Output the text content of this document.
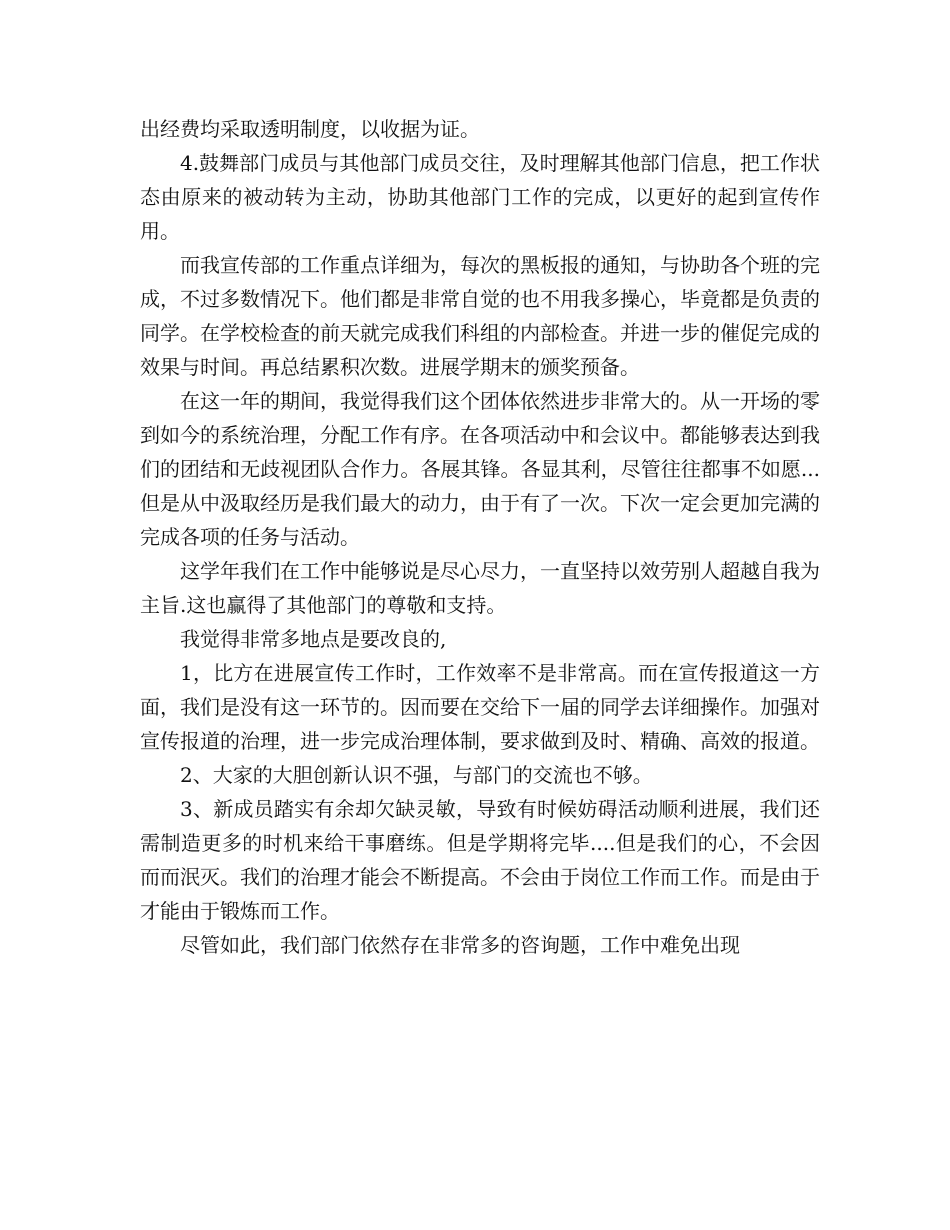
出经费均采取透明制度，以收据为证。

4.鼓舞部门成员与其他部门成员交往，及时理解其他部门信息，把工作状态由原来的被动转为主动，协助其他部门工作的完成，以更好的起到宣传作用。

而我宣传部的工作重点详细为，每次的黑板报的通知，与协助各个班的完成，不过多数情况下。他们都是非常自觉的也不用我多操心，毕竟都是负责的同学。在学校检查的前天就完成我们科组的内部检查。并进一步的催促完成的效果与时间。再总结累积次数。进展学期末的颁奖预备。

在这一年的期间，我觉得我们这个团体依然进步非常大的。从一开场的零到如今的系统治理，分配工作有序。在各项活动中和会议中。都能够表达到我们的团结和无歧视团队合作力。各展其锋。各显其利，尽管往往都事不如愿...但是从中汲取经历是我们最大的动力，由于有了一次。下次一定会更加完满的完成各项的任务与活动。

这学年我们在工作中能够说是尽心尽力，一直坚持以效劳别人超越自我为主旨.这也赢得了其他部门的尊敬和支持。

我觉得非常多地点是要改良的,

1，比方在进展宣传工作时，工作效率不是非常高。而在宣传报道这一方面，我们是没有这一环节的。因而要在交给下一届的同学去详细操作。加强对宣传报道的治理，进一步完成治理体制，要求做到及时、精确、高效的报道。

2、大家的大胆创新认识不强，与部门的交流也不够。

3、新成员踏实有余却欠缺灵敏，导致有时候妨碍活动顺利进展，我们还需制造更多的时机来给干事磨练。但是学期将完毕....但是我们的心，不会因而而泯灭。我们的治理才能会不断提高。不会由于岗位工作而工作。而是由于才能由于锻炼而工作。

尽管如此，我们部门依然存在非常多的咨询题，工作中难免出现
